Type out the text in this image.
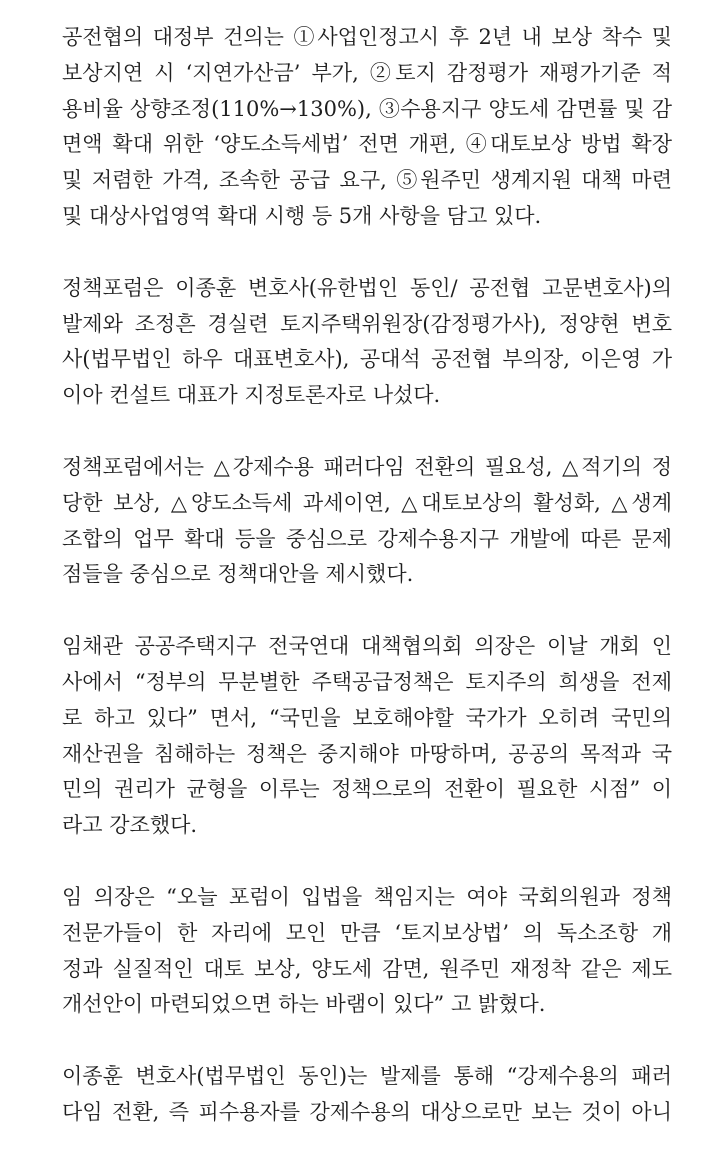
공전협의 대정부 건의는 ①사업인정고시 후 2년 내 보상 착수 및
보상지연 시 ‘지연가산금’ 부가, ②토지 감정평가 재평가기준 적
용비율 상향조정(110%→130%), ③수용지구 양도세 감면률 및 감
면액 확대 위한 ‘양도소득세법’ 전면 개편, ④대토보상 방법 확장
및 저렴한 가격, 조속한 공급 요구, ⑤원주민 생계지원 대책 마련
및 대상사업영역 확대 시행 등 5개 사항을 담고 있다.
정책포럼은 이종훈 변호사(유한법인 동인/ 공전협 고문변호사)의
발제와 조정흔 경실련 토지주택위원장(감정평가사), 정양현 변호
사(법무법인 하우 대표변호사), 공대석 공전협 부의장, 이은영 가
이아 컨설트 대표가 지정토론자로 나섰다.
정책포럼에서는 △강제수용 패러다임 전환의 필요성, △적기의 정
당한 보상, △양도소득세 과세이연, △대토보상의 활성화, △생계
조합의 업무 확대 등을 중심으로 강제수용지구 개발에 따른 문제
점들을 중심으로 정책대안을 제시했다.
임채관 공공주택지구 전국연대 대책협의회 의장은 이날 개회 인
사에서 “정부의 무분별한 주택공급정책은 토지주의 희생을 전제
로 하고 있다” 면서, “국민을 보호해야할 국가가 오히려 국민의
재산권을 침해하는 정책은 중지해야 마땅하며, 공공의 목적과 국
민의 권리가 균형을 이루는 정책으로의 전환이 필요한 시점” 이
라고 강조했다.
임 의장은 “오늘 포럼이 입법을 책임지는 여야 국회의원과 정책
전문가들이 한 자리에 모인 만큼 ‘토지보상법’ 의 독소조항 개
정과 실질적인 대토 보상, 양도세 감면, 원주민 재정착 같은 제도
개선안이 마련되었으면 하는 바램이 있다” 고 밝혔다.
이종훈 변호사(법무법인 동인)는 발제를 통해 “강제수용의 패러
다임 전환, 즉 피수용자를 강제수용의 대상으로만 보는 것이 아니
